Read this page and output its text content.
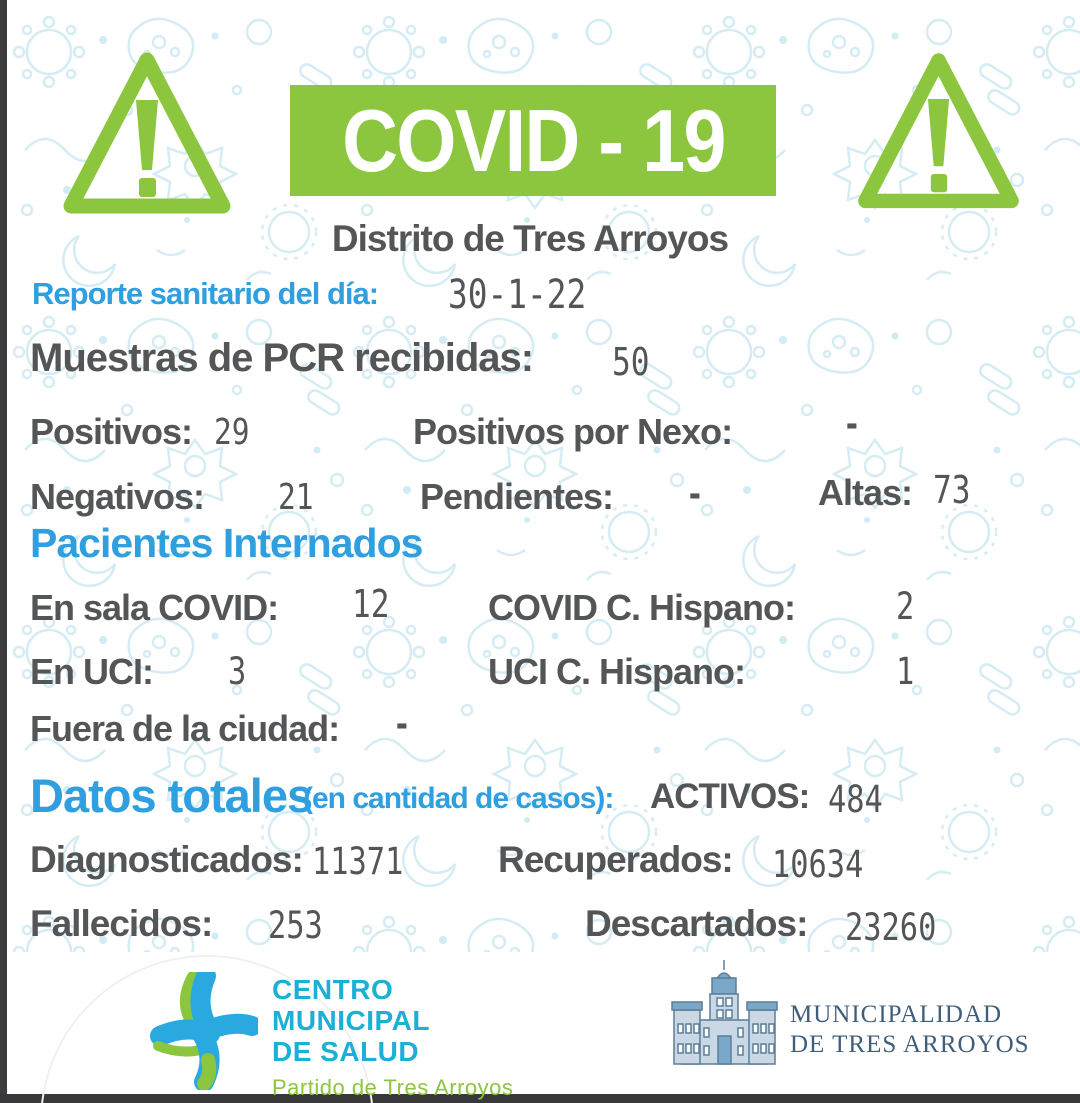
COVID - 19
Distrito de Tres Arroyos
Reporte sanitario del día: 30-1-22
Muestras de PCR recibidas: 50
Positivos: 29	Positivos por Nexo:	-
Negativos: 21	Pendientes: -	Altas: 73
Pacientes Internados
En sala COVID: 12	COVID C. Hispano:	2
En UCI: 3	UCI C. Hispano:	1
Fuera de la ciudad: -
Datos totales
(en cantidad de casos): ACTIVOS: 484
Diagnosticados: 11371	Recuperados: 10634
Fallecidos: 253	Descartados: 23260
CENTRO
MUNICIPAL
DE SALUD
Partido de Tres Arroyos
MUNICIPALIDAD
DE TRES ARROYOS
